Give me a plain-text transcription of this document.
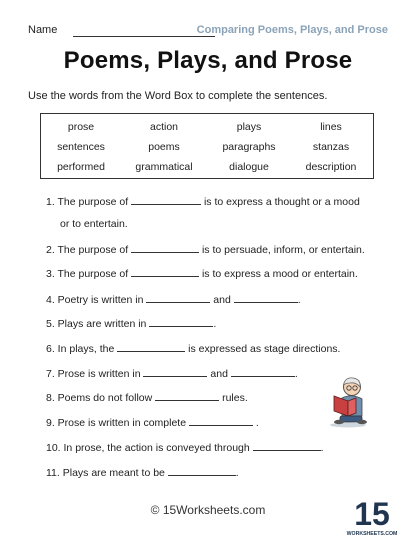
Name	Comparing Poems, Plays, and Prose
Poems, Plays, and Prose
Use the words from the Word Box to complete the sentences.
prose	action	plays	lines
sentences	poems	paragraphs	stanzas
performed	grammatical	dialogue	description
1. The purpose of	is to express a thought or a mood
or to entertain.
2. The purpose of	is to persuade, inform, or entertain.
3. The purpose of	is to express a mood or entertain.
4. Poetry is written in	and	.
5. Plays are written in	.
6. In plays, the	is expressed as stage directions.
7. Prose is written in	and	.
8. Poems do not follow	rules.
9. Prose is written in complete	.
10. In prose, the action is conveyed through	.
11. Plays are meant to be	.
© 15Worksheets.com	15
WORKSHEETS.COM
